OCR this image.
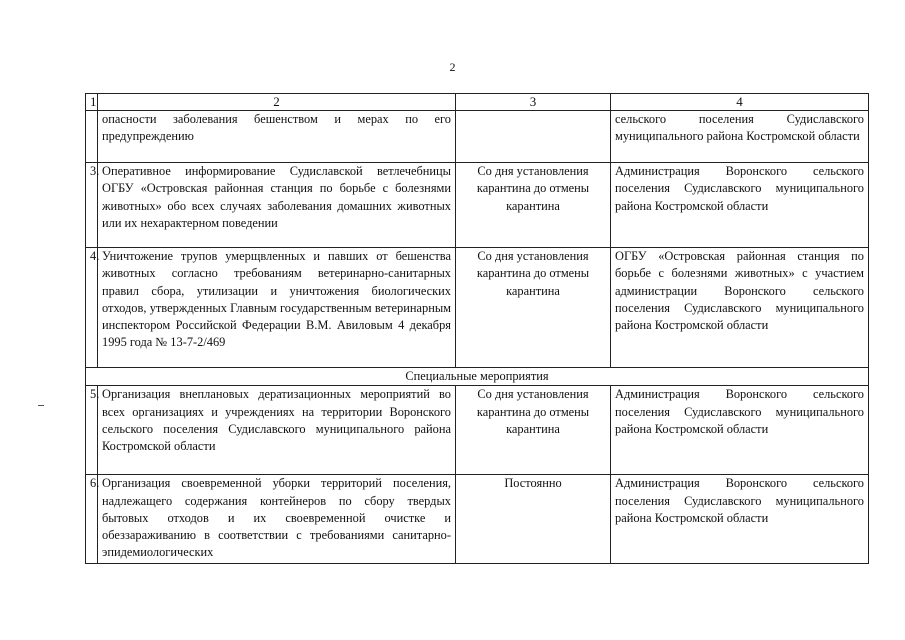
2
1	2	3	4
	опасности заболевания бешенством и мерах по его предупреждению		сельского поселения Судиславского муниципального района Костромской области
3.	Оперативное информирование Судиславской ветлечебницы ОГБУ «Островская районная станция по борьбе с болезнями животных» обо всех случаях заболевания домашних животных или их нехарактерном поведении	Со дня установления карантина до отмены карантина	Администрация Воронского сельского поселения Судиславского муниципального района Костромской области
4.	Уничтожение трупов умерщвленных и павших от бешенства животных согласно требованиям ветеринарно-санитарных правил сбора, утилизации и уничтожения биологических отходов, утвержденных Главным государственным ветеринарным инспектором Российской Федерации В.М. Авиловым 4 декабря 1995 года № 13-7-2/469	Со дня установления карантина до отмены карантина	ОГБУ «Островская районная станция по борьбе с болезнями животных» с участием администрации Воронского сельского поселения Судиславского муниципального района Костромской области
Специальные мероприятия			
5.	Организация внеплановых дератизационных мероприятий во всех организациях и учреждениях на территории Воронского сельского поселения Судиславского муниципального района Костромской области	Со дня установления карантина до отмены карантина	Администрация Воронского сельского поселения Судиславского муниципального района Костромской области
6.	Организация своевременной уборки территорий поселения, надлежащего содержания контейнеров по сбору твердых бытовых отходов и их своевременной очистке и обеззараживанию в соответствии с требованиями санитарно-эпидемиологических	Постоянно	Администрация Воронского сельского поселения Судиславского муниципального района Костромской области
